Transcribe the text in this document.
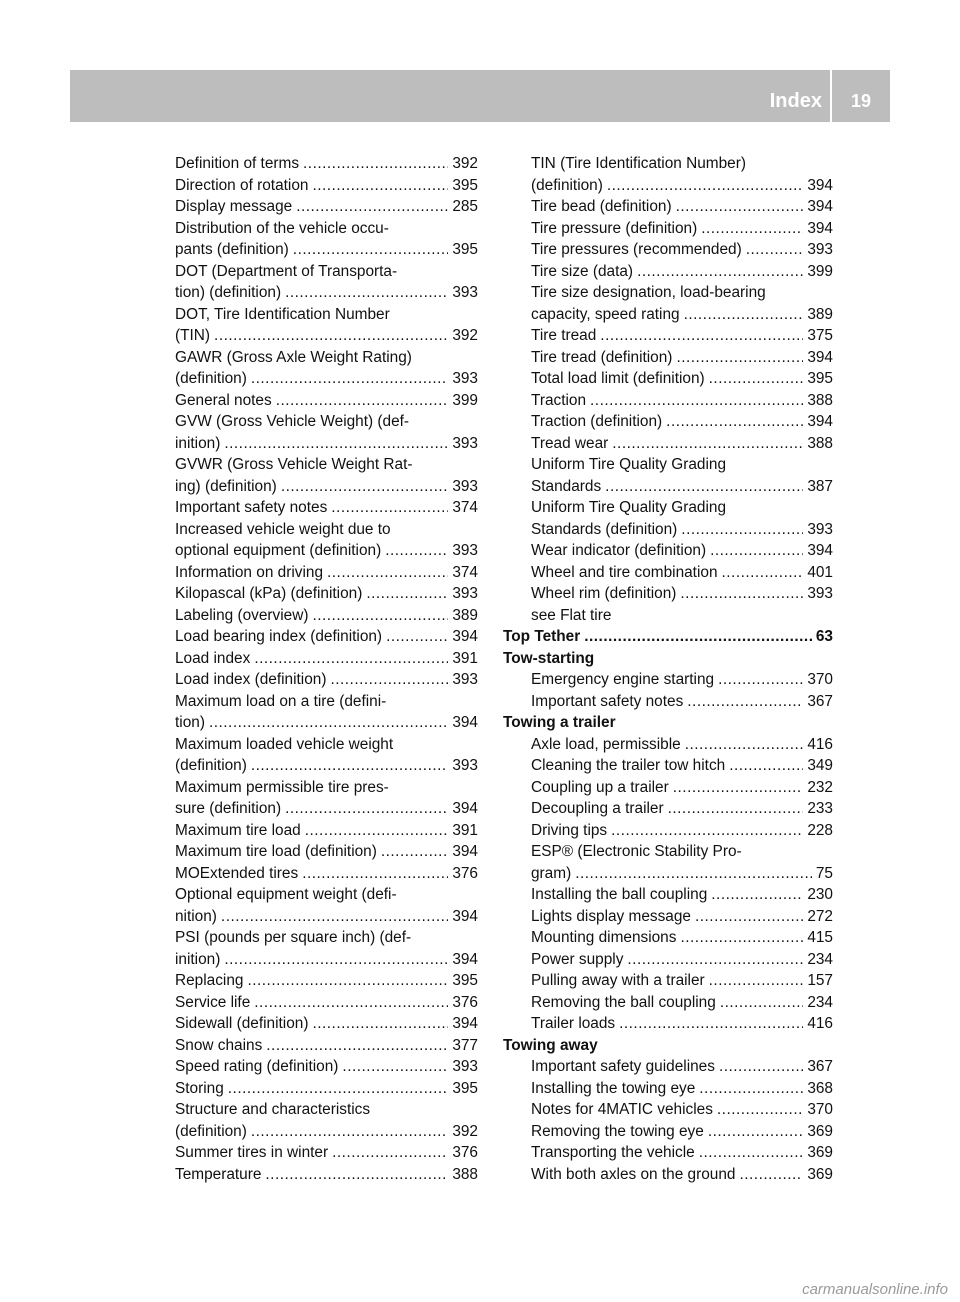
Index	19
Definition of terms .....	392
Direction of rotation .....	395
Display message .....	285
Distribution of the vehicle occu-
pants (definition) .....	395
DOT (Department of Transporta-
tion) (definition) .....	393
DOT, Tire Identification Number
(TIN) .....	392
GAWR (Gross Axle Weight Rating)
(definition) .....	393
General notes .....	399
GVW (Gross Vehicle Weight) (def-
inition) .....	393
GVWR (Gross Vehicle Weight Rat-
ing) (definition) .....	393
Important safety notes .....	374
Increased vehicle weight due to
optional equipment (definition) .....	393
Information on driving .....	374
Kilopascal (kPa) (definition) .....	393
Labeling (overview) .....	389
Load bearing index (definition) .....	394
Load index .....	391
Load index (definition) .....	393
Maximum load on a tire (defini-
tion) .....	394
Maximum loaded vehicle weight
(definition) .....	393
Maximum permissible tire pres-
sure (definition) .....	394
Maximum tire load .....	391
Maximum tire load (definition) .....	394
MOExtended tires .....	376
Optional equipment weight (defi-
nition) .....	394
PSI (pounds per square inch) (def-
inition) .....	394
Replacing .....	395
Service life .....	376
Sidewall (definition) .....	394
Snow chains .....	377
Speed rating (definition) .....	393
Storing .....	395
Structure and characteristics
(definition) .....	392
Summer tires in winter .....	376
Temperature .....	388
TIN (Tire Identification Number)
(definition) .....	394
Tire bead (definition) .....	394
Tire pressure (definition) .....	394
Tire pressures (recommended) .....	393
Tire size (data) .....	399
Tire size designation, load-bearing
capacity, speed rating .....	389
Tire tread .....	375
Tire tread (definition) .....	394
Total load limit (definition) .....	395
Traction .....	388
Traction (definition) .....	394
Tread wear .....	388
Uniform Tire Quality Grading
Standards .....	387
Uniform Tire Quality Grading
Standards (definition) .....	393
Wear indicator (definition) .....	394
Wheel and tire combination .....	401
Wheel rim (definition) .....	393
see Flat tire
Top Tether .....	63
Tow-starting
Emergency engine starting .....	370
Important safety notes .....	367
Towing a trailer
Axle load, permissible .....	416
Cleaning the trailer tow hitch .....	349
Coupling up a trailer .....	232
Decoupling a trailer .....	233
Driving tips .....	228
ESP® (Electronic Stability Pro-
gram) .....	75
Installing the ball coupling .....	230
Lights display message .....	272
Mounting dimensions .....	415
Power supply .....	234
Pulling away with a trailer .....	157
Removing the ball coupling .....	234
Trailer loads .....	416
Towing away
Important safety guidelines .....	367
Installing the towing eye .....	368
Notes for 4MATIC vehicles .....	370
Removing the towing eye .....	369
Transporting the vehicle .....	369
With both axles on the ground .....	369
carmanualsonline.info
